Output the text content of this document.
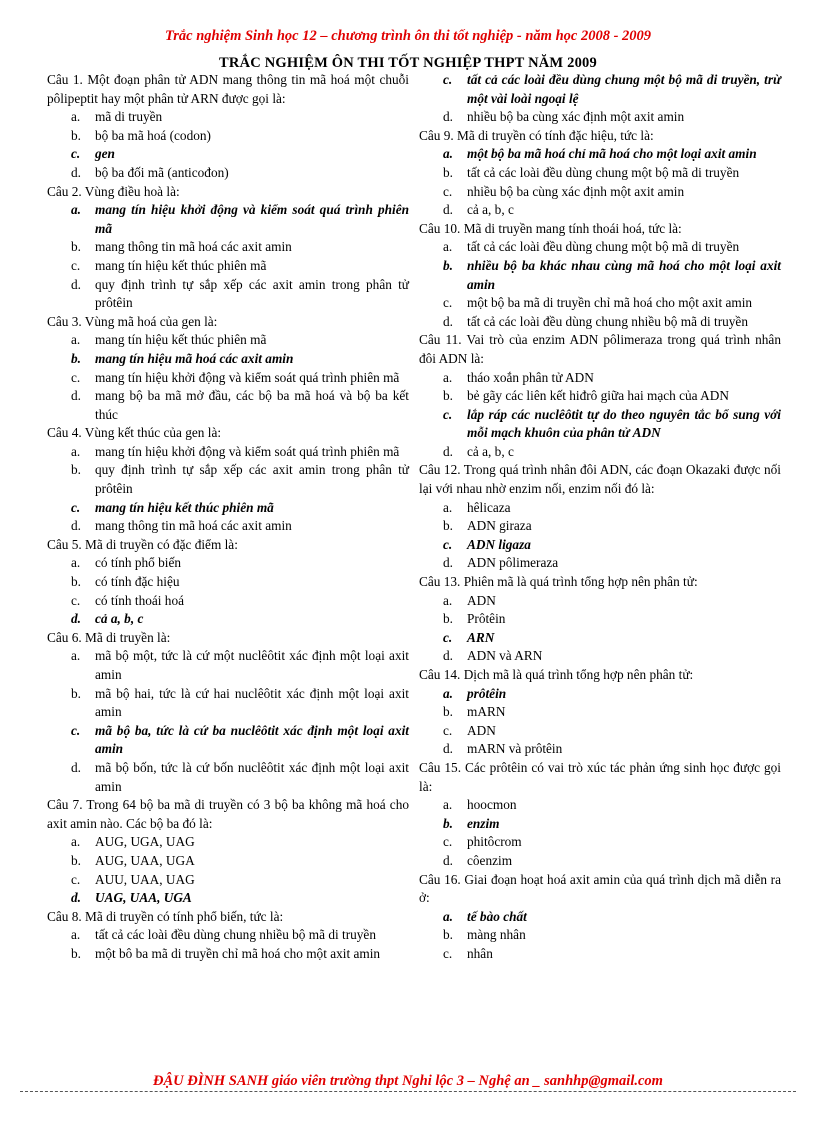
Trắc nghiệm Sinh học 12 – chương trình ôn thi tốt nghiệp - năm học 2008 - 2009
TRẮC NGHIỆM ÔN THI TỐT NGHIỆP THPT NĂM 2009
Câu 1. Một đoạn phân tử ADN mang thông tin mã hoá một chuỗi pôlipeptit hay một phân tử ARN được gọi là:
a.	mã di truyền
b.	bộ ba mã hoá (codon)
c.	gen
d.	bộ ba đối mã (anticođon)
Câu 2. Vùng điều hoà là:
a.	mang tín hiệu khởi động và kiểm soát quá trình phiên mã
b.	mang thông tin mã hoá các axit amin
c.	mang tín hiệu kết thúc phiên mã
d.	quy định trình tự sắp xếp các axit amin trong phân tử prôtêin
Câu 3. Vùng mã hoá của gen là:
a.	mang tín hiệu kết thúc phiên mã
b.	mang tín hiệu mã hoá các axit amin
c.	mang tín hiệu khởi động và kiểm soát quá trình phiên mã
d.	mang bộ ba mã mở đầu, các bộ ba mã hoá và bộ ba kết thúc
Câu 4. Vùng kết thúc của gen là:
a.	mang tín hiệu khởi động và kiểm soát quá trình phiên mã
b.	quy định trình tự sắp xếp các axit amin trong phân tử prôtêin
c.	mang tín hiệu kết thúc phiên mã
d.	mang thông tin mã hoá các axit amin
Câu 5. Mã di truyền có đặc điểm là:
a.	có tính phổ biến
b.	có tính đặc hiệu
c.	có tính thoái hoá
d.	cả a, b, c
Câu 6. Mã di truyền là:
a.	mã bộ một, tức là cứ một nuclêôtit xác định một loại axit amin
b.	mã bộ hai, tức là cứ hai nuclêôtit xác định một loại axit amin
c.	mã bộ ba, tức là cứ ba nuclêôtit xác định một loại axit amin
d.	mã bộ bốn, tức là cứ bốn nuclêôtit xác định một loại axit amin
Câu 7. Trong 64 bộ ba mã di truyền có 3 bộ ba không mã hoá cho axit amin nào. Các bộ ba đó là:
a.	AUG, UGA, UAG
b.	AUG, UAA, UGA
c.	AUU, UAA, UAG
d.	UAG, UAA, UGA
Câu 8. Mã di truyền có tính phổ biến, tức là:
a.	tất cả các loài đều dùng chung nhiều bộ mã di truyền
b.	một bô ba mã di truyền chỉ mã hoá cho một axit amin
c.	tất cả các loài đều dùng chung một bộ mã di truyền, trừ một vài loài ngoại lệ
d.	nhiều bộ ba cùng xác định một axit amin
Câu 9. Mã di truyền có tính đặc hiệu, tức là:
a.	một bộ ba mã hoá chỉ mã hoá cho một loại axit amin
b.	tất cả các loài đều dùng chung một bộ mã di truyền
c.	nhiều bộ ba cùng xác định một axit amin
d.	cả a, b, c
Câu 10. Mã di truyền mang tính thoái hoá, tức là:
a.	tất cả các loài đều dùng chung một bộ mã di truyền
b.	nhiều bộ ba khác nhau cùng mã hoá cho một loại axit amin
c.	một bộ ba mã di truyền chỉ mã hoá cho một axit amin
d.	tất cả các loài đều dùng chung nhiều bộ mã di truyền
Câu 11. Vai trò của enzim ADN pôlimeraza trong quá trình nhân đôi ADN là:
a.	tháo xoắn phân tử ADN
b.	bẻ gãy các liên kết hiđrô giữa hai mạch của ADN
c.	lắp ráp các nuclêôtit tự do theo nguyên tắc bổ sung với mỗi mạch khuôn của phân tử ADN
d.	cả a, b, c
Câu 12. Trong quá trình nhân đôi ADN, các đoạn Okazaki được nối lại với nhau nhờ enzim nối, enzim nối đó là:
a.	hêlicaza
b.	ADN giraza
c.	ADN ligaza
d.	ADN pôlimeraza
Câu 13. Phiên mã là quá trình tổng hợp nên phân tử:
a.	ADN
b.	Prôtêin
c.	ARN
d.	ADN và ARN
Câu 14. Dịch mã là quá trình tổng hợp nên phân tử:
a.	prôtêin
b.	mARN
c.	ADN
d.	mARN và prôtêin
Câu 15. Các prôtêin có vai trò xúc tác phản ứng sinh học được gọi là:
a.	hoocmon
b.	enzim
c.	phitôcrom
d.	côenzim
Câu 16. Giai đoạn hoạt hoá axit amin của quá trình dịch mã diễn ra ở:
a.	tế bào chất
b.	màng nhân
c.	nhân
ĐẬU ĐÌNH SANH giáo viên trường thpt Nghi lộc 3 – Nghệ an _ sanhhp@gmail.com
